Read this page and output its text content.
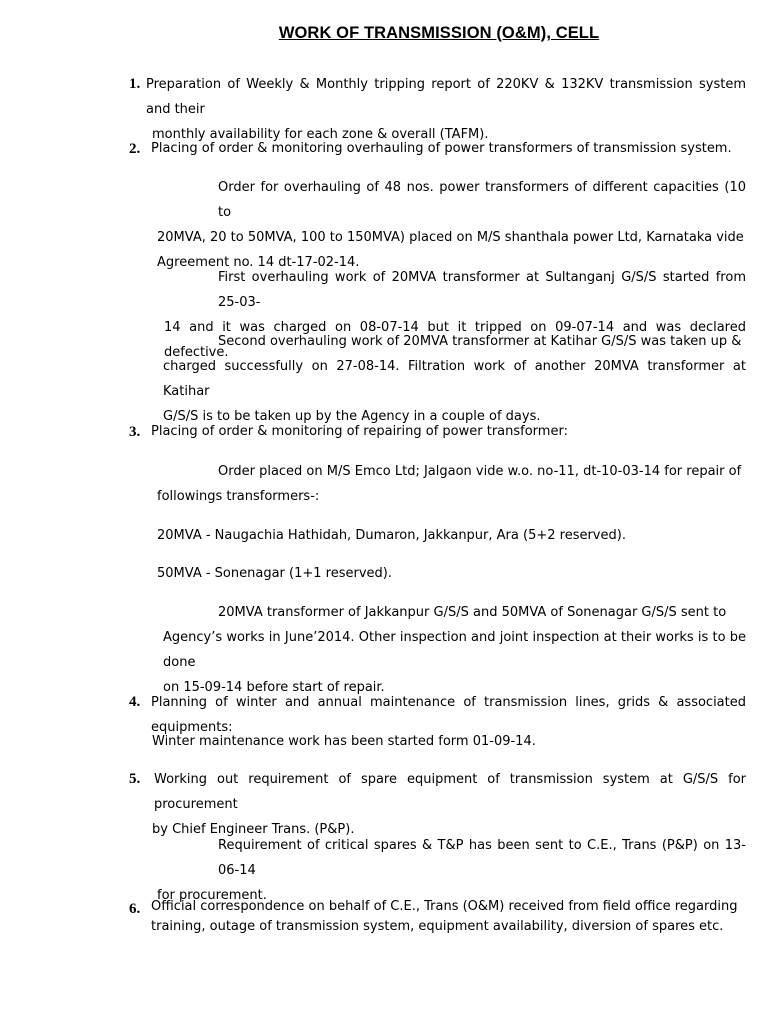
WORK OF TRANSMISSION (O&M), CELL
1. Preparation of Weekly & Monthly tripping report of 220KV & 132KV transmission system and their
monthly availability for each zone & overall (TAFM).
2. Placing of order & monitoring overhauling of power transformers of transmission system.
Order for overhauling of 48 nos. power transformers of different capacities (10 to
20MVA, 20 to 50MVA, 100 to 150MVA) placed on M/S shanthala power Ltd, Karnataka vide
Agreement no. 14 dt-17-02-14.
First overhauling work of 20MVA transformer at Sultanganj G/S/S started from 25-03-
14 and it was charged on 08-07-14 but it tripped on 09-07-14 and was declared defective.
Second overhauling work of 20MVA transformer at Katihar G/S/S was taken up &
charged successfully on 27-08-14. Filtration work of another 20MVA transformer at Katihar
G/S/S is to be taken up by the Agency in a couple of days.
3. Placing of order & monitoring of repairing of power transformer:
Order placed on M/S Emco Ltd; Jalgaon vide w.o. no-11, dt-10-03-14 for repair of
followings transformers-:
20MVA - Naugachia Hathidah, Dumaron, Jakkanpur, Ara (5+2 reserved).
50MVA - Sonenagar (1+1 reserved).
20MVA transformer of Jakkanpur G/S/S and 50MVA of Sonenagar G/S/S sent to
Agency’s works in June’2014. Other inspection and joint inspection at their works is to be done
on 15-09-14 before start of repair.
4. Planning of winter and annual maintenance of transmission lines, grids & associated equipments:
Winter maintenance work has been started form 01-09-14.
5. Working out requirement of spare equipment of transmission system at G/S/S for procurement
by Chief Engineer Trans. (P&P).
Requirement of critical spares & T&P has been sent to C.E., Trans (P&P) on 13-06-14
for procurement.
6. Official correspondence on behalf of C.E., Trans (O&M) received from field office regarding
training, outage of transmission system, equipment availability, diversion of spares etc.
